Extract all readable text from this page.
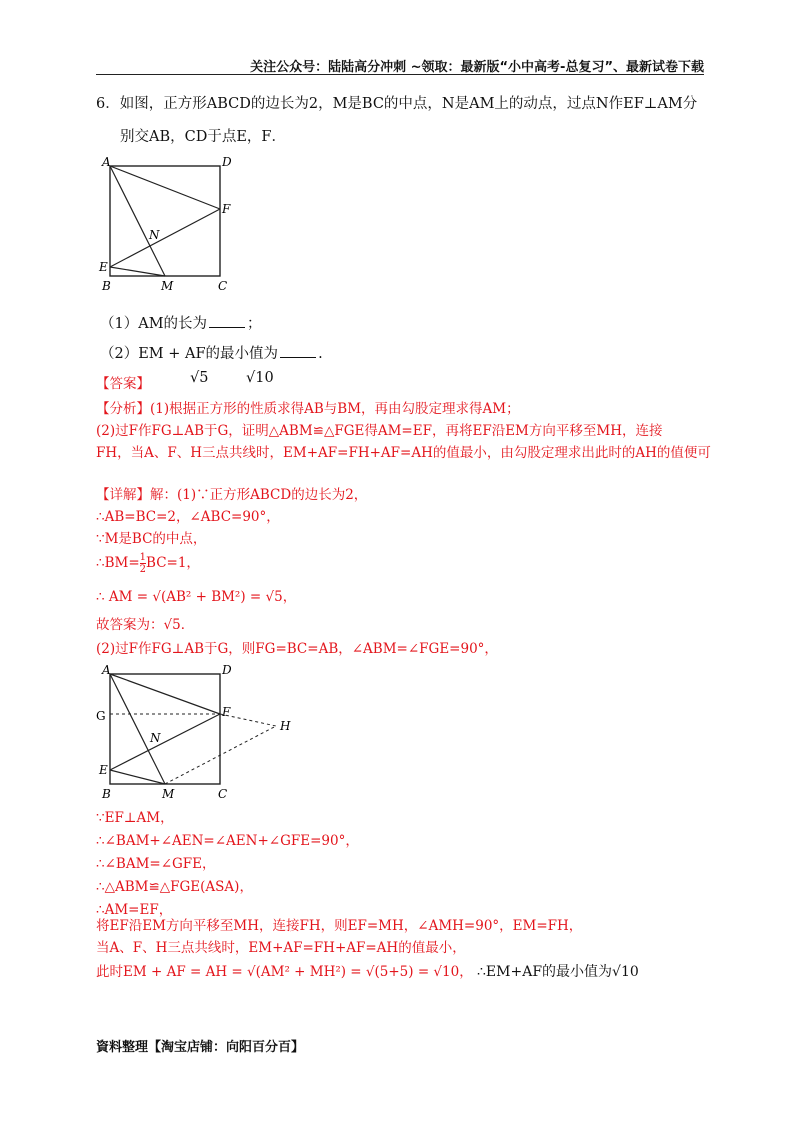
关注公众号：陆陆高分冲刺 ~领取：最新版“小中高考-总复习”、最新试卷下载
6．如图，正方形ABCD的边长为2，M是BC的中点，N是AM上的动点，过点N作EF⊥AM分
别交AB，CD于点E，F．
A	D
F
N
E
B	M	C
（1）AM的长为	；
（2）EM + AF的最小值为	.
【答案】	√5	√10
【分析】(1)根据正方形的性质求得AB与BM，再由勾股定理求得AM；
(2)过F作FG⊥AB于G，证明△ABM≌△FGE得AM=EF，再将EF沿EM方向平移至MH，连接
FH，当A、F、H三点共线时，EM+AF=FH+AF=AH的值最小，由勾股定理求出此时的AH的值便可
【详解】解：(1)∵正方形ABCD的边长为2，
∴AB=BC=2，∠ABC=90°，
∵M是BC的中点，
∴BM= $\frac{1}{2} BC=1$，
∴ AM = √(AB² + BM²) = √5，
故答案为：√5．
(2)过F作FG⊥AB于G，则FG=BC=AB，∠ABM=∠FGE=90°，
A	D
G	F
H
N
E
B	M	C
∵EF⊥AM，
∴∠BAM+∠AEN=∠AEN+∠GFE=90°，
∴∠BAM=∠GFE，
∴△ABM≌△FGE(ASA)，
∴AM=EF，
将EF沿EM方向平移至MH，连接FH，则EF=MH，∠AMH=90°，EM=FH，
当A、F、H三点共线时，EM+AF=FH+AF=AH的值最小，
此时EM + AF = AH = √(AM² + MH²) = √(5+5) = √10， ∴EM+AF的最小值为√10
資料整理【淘宝店铺：向阳百分百】
